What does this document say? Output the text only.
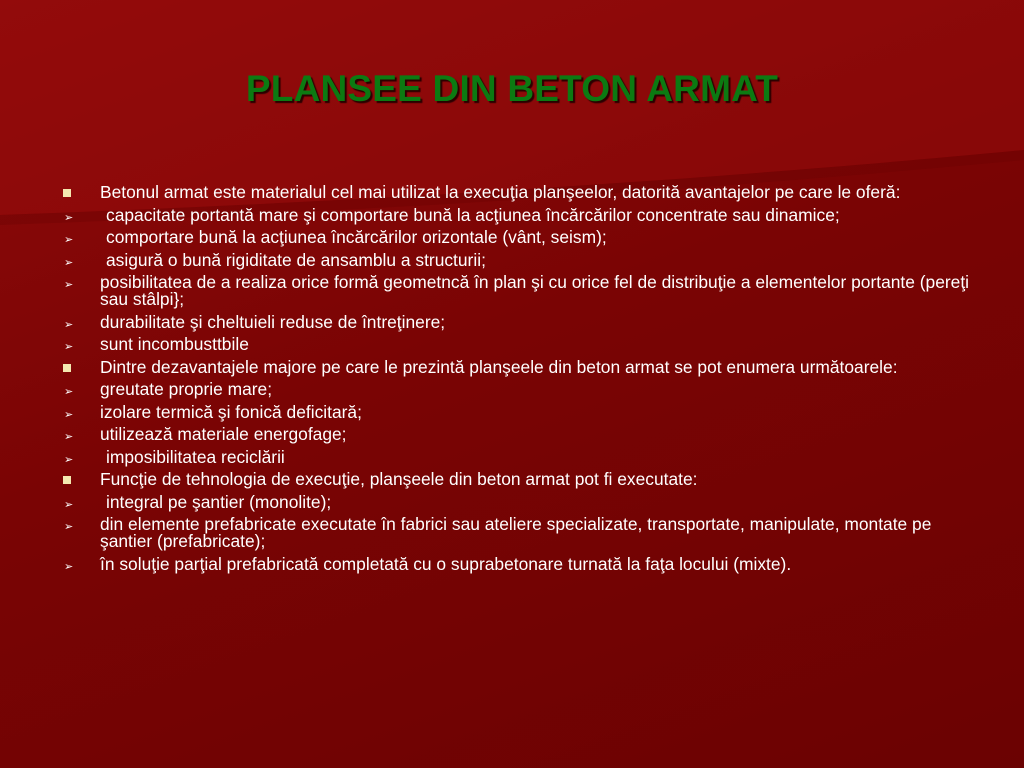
PLANSEE DIN BETON ARMAT
Betonul armat este materialul cel mai utilizat la execuţia planşeelor, datorită avantajelor pe care le oferă:
➢ capacitate portantă mare şi comportare bună la acţiunea încărcărilor concentrate sau dinamice;
➢ comportare bună la acţiunea încărcărilor orizontale (vânt, seism);
➢ asigură o bună rigiditate de ansamblu a structurii;
➢ posibilitatea de a realiza orice formă geometncă în plan şi cu orice fel de distribuţie a elementelor portante (pereţi sau stâlpi};
➢ durabilitate şi cheltuieli reduse de întreţinere;
➢ sunt incombusttbile
Dintre dezavantajele majore pe care le prezintă planşeele din beton armat se pot enumera următoarele:
➢ greutate proprie mare;
➢ izolare termică şi fonică deficitară;
➢ utilizează materiale energofage;
➢ imposibilitatea reciclării
Funcţie de tehnologia de execuţie, planşeele din beton armat pot fi executate:
➢ integral pe şantier (monolite);
➢ din elemente prefabricate executate în fabrici sau ateliere specializate, transportate, manipulate, montate pe şantier (prefabricate);
➢ în soluţie parţial prefabricată completată cu o suprabetonare turnată la faţa locului (mixte).
